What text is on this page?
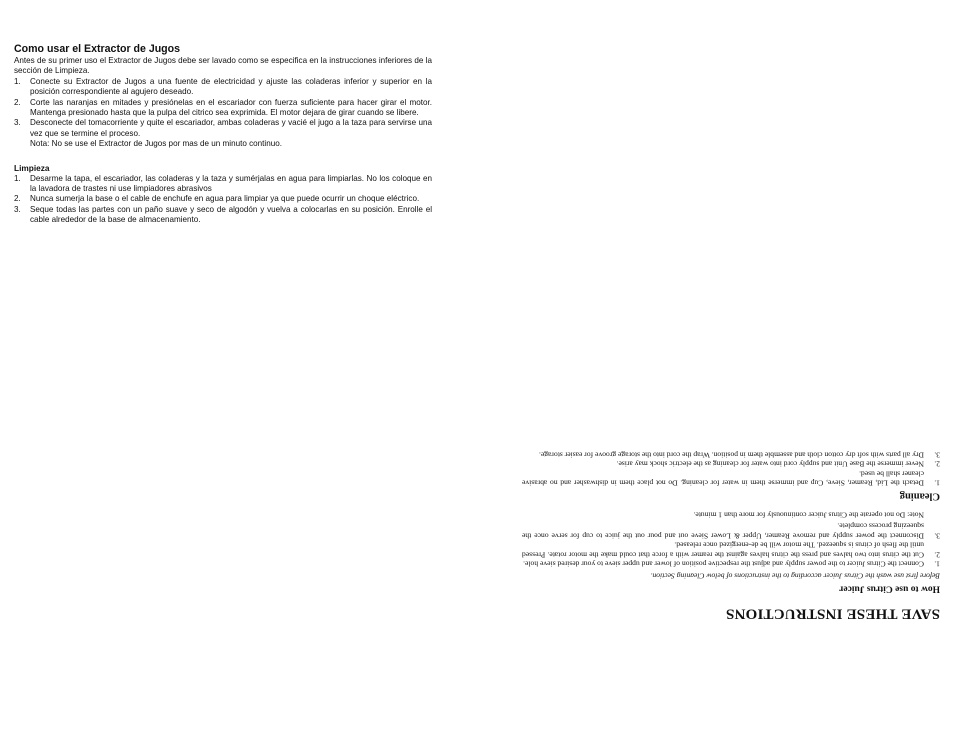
Como usar el Extractor de Jugos

Antes de su primer uso el Extractor de Jugos debe ser lavado como se especifica en la instrucciones inferiores de la sección de Limpieza.

1. Conecte su Extractor de Jugos a una fuente de electricidad y ajuste las coladeras inferior y superior en la posición correspondiente al agujero deseado.
2. Corte las naranjas en mitades y presiónelas en el escariador con fuerza suficiente para hacer girar el motor. Mantenga presionado hasta que la pulpa del citrico sea exprimida. El motor dejara de girar cuando se libere.
3. Desconecte del tomacorriente y quite el escariador, ambas coladeras y vacié el jugo a la taza para servirse una vez que se termine el proceso.
Nota: No se use el Extractor de Jugos por mas de un minuto continuo.
Limpieza
1. Desarme la tapa, el escariador, las coladeras y la taza y sumérjalas en agua para limpiarlas. No los coloque en la lavadora de trastes ni use limpiadores abrasivos
2. Nunca sumerja la base o el cable de enchufe en agua para limpiar ya que puede ocurrir un choque eléctrico.
3. Seque todas las partes con un paño suave y seco de algodón y vuelva a colocarlas en su posición. Enrolle el cable alrededor de la base de almacenamiento.
SAVE THESE INSTRUCTIONS
How to use Citrus Juicer

Before first use wash the Citrus Juicer according to the instructions of below Cleaning Section.

1.
Connect the Citrus Juicer to the power supply and adjust the respective position of lower and upper sieve to your desired sieve hole.
2.
Cut the citrus into two halves and press the citrus halves against the reamer with a force that could make the motor rotate. Pressed until the flesh of citrus is squeezed. The motor will be de-energized once released.
3.
Disconnect the power supply and remove Reamer, Upper & Lower Sieve out and pour out the juice to cup for serve once the squeezing process complete.
Note: Do not operate the Citrus Juicer continuously for more than 1 minute.
Cleaning
1.
Detach the Lid, Reamer, Sieve, Cup and immerse them in water for cleaning. Do not place them in dishwasher and no abrasive cleaner shall be used.
2.
Never immerse the Base Unit and supply cord into water for cleaning as the electric shock may arise.
3.
Dry all parts with soft dry cotton cloth and assemble them in position. Wrap the cord into the storage groove for easier storage.
